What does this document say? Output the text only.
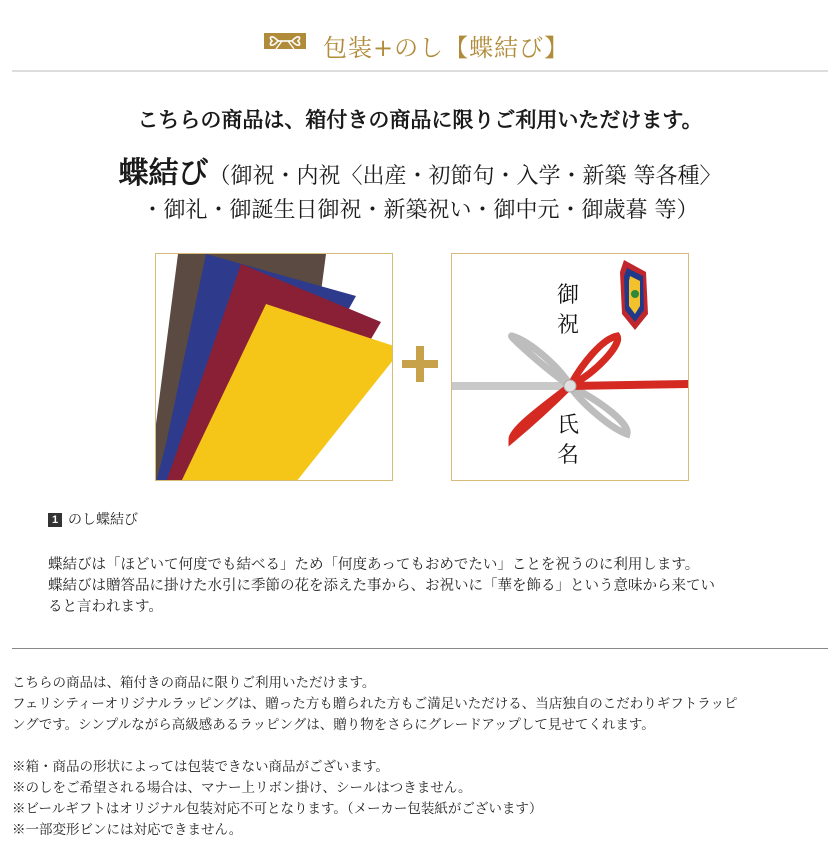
包装+のし【蝶結び】
こちらの商品は、箱付きの商品に限りご利用いただけます。
蝶結び（御祝・内祝〈出産・初節句・入学・新築 等各種〉
・御礼・御誕生日御祝・新築祝い・御中元・御歳暮 等）
御祝
氏名
1 のし蝶結び

蝶結びは「ほどいて何度でも結べる」ため「何度あってもおめでたい」ことを祝うのに利用します。

蝶結びは贈答品に掛けた水引に季節の花を添えた事から、お祝いに「華を飾る」という意味から来てい

ると言われます。

こちらの商品は、箱付きの商品に限りご利用いただけます。

フェリシティーオリジナルラッピングは、贈った方も贈られた方もご満足いただける、当店独自のこだわりギフトラッピ

ングです。シンプルながら高級感あるラッピングは、贈り物をさらにグレードアップして見せてくれます。

※箱・商品の形状によっては包装できない商品がございます。

※のしをご希望される場合は、マナー上リボン掛け、シールはつきません。

※ビールギフトはオリジナル包装対応不可となります。（メーカー包装紙がございます）

※一部変形ビンには対応できません。
